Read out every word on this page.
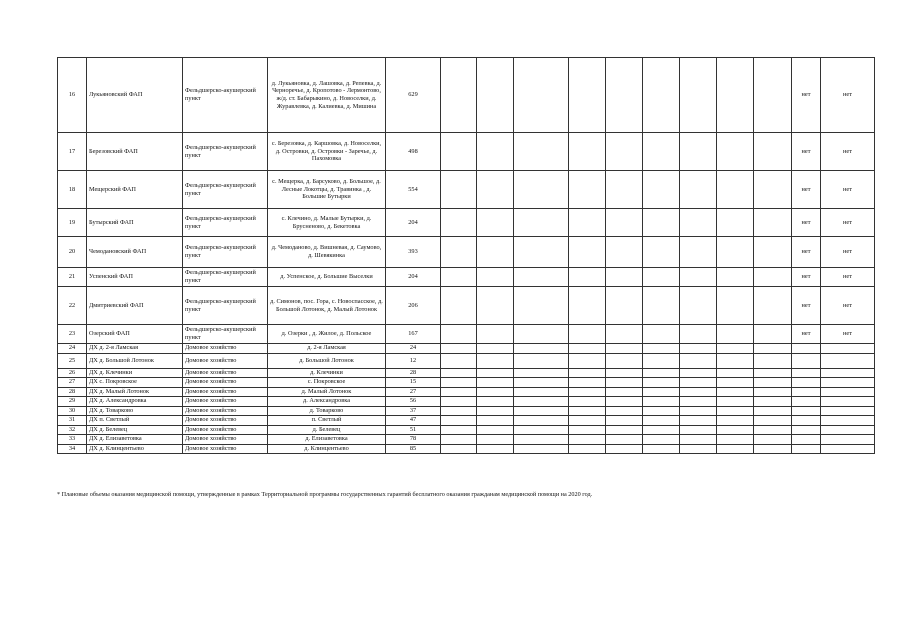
16	Лукьяновский ФАП	Фельдшерско-акушерский пункт	д. Лукьяновка, д. Лашовка, д. Репевка, д. Черноречье, д. Кропотово - Лермонтово, ж/д. ст. Бабарыкино, д. Новоселки, д. Журавлевка, д. Калиевка, д. Мишина	629										нет	нет
17	Березовский ФАП	Фельдшерско-акушерский пункт	с. Березовка, д. Каршовка, д. Новоселки, д. Островки, д. Островки - Заречье, д. Пахомовка	498										нет	нет
18	Мещерский ФАП	Фельдшерско-акушерский пункт	с. Мещерка, д. Барсуково, д. Большое, д. Лесные Локотцы, д. Травинка , д. Большие Бутырки	554										нет	нет
19	Бутырский ФАП	Фельдшерско-акушерский пункт	с. Клечино, д. Малые Бутырки, д. Брусненово, д. Бекетовка	204										нет	нет
20	Чемодановский ФАП	Фельдшерско-акушерский пункт	д. Чемоданово, д. Вишневая, д. Саумово, д. Шевякинка	393										нет	нет
21	Успенский ФАП	Фельдшерско-акушерский пункт	д. Успенское, д. Большие Выселки	204										нет	нет
22	Дмитриевский ФАП	Фельдшерско-акушерский пункт	д. Симонов, пос. Гора, с. Новоспасское, д. Большой Лотонок, д. Малый Лотонок	206										нет	нет
23	Озерский ФАП	Фельдшерско-акушерский пункт	д. Озерки , д. Жилое, д. Польское	167										нет	нет
24	ДХ д. 2-я Ламская	Домовое хозяйство	д. 2-я Ламская	24											
25	ДХ д. Большой Лотонок	Домовое хозяйство	д. Большой Лотонок	12											
26	ДХ д. Клечинки	Домовое хозяйство	д. Клечинки	28											
27	ДХ с. Покровское	Домовое хозяйство	с. Покровское	15											
28	ДХ д. Малый Лотонок	Домовое хозяйство	д. Малый Лотонок	27											
29	ДХ д. Александровка	Домовое хозяйство	д. Александровка	56											
30	ДХ д. Товарково	Домовое хозяйство	д. Товарково	37											
31	ДХ п. Светлый	Домовое хозяйство	п. Светлый	47											
32	ДХ д. Белевец	Домовое хозяйство	д. Белевец	51											
33	ДХ д. Елизаветовка	Домовое хозяйство	д. Елизаветовка	78											
34	ДХ д. Клинцентьево	Домовое хозяйство	д. Клинцентьево	85											
* Плановые объемы оказания медицинской помощи, утвержденные в рамках Территориальной программы государственных гарантий бесплатного оказания гражданам медицинской помощи на 2020 год.
